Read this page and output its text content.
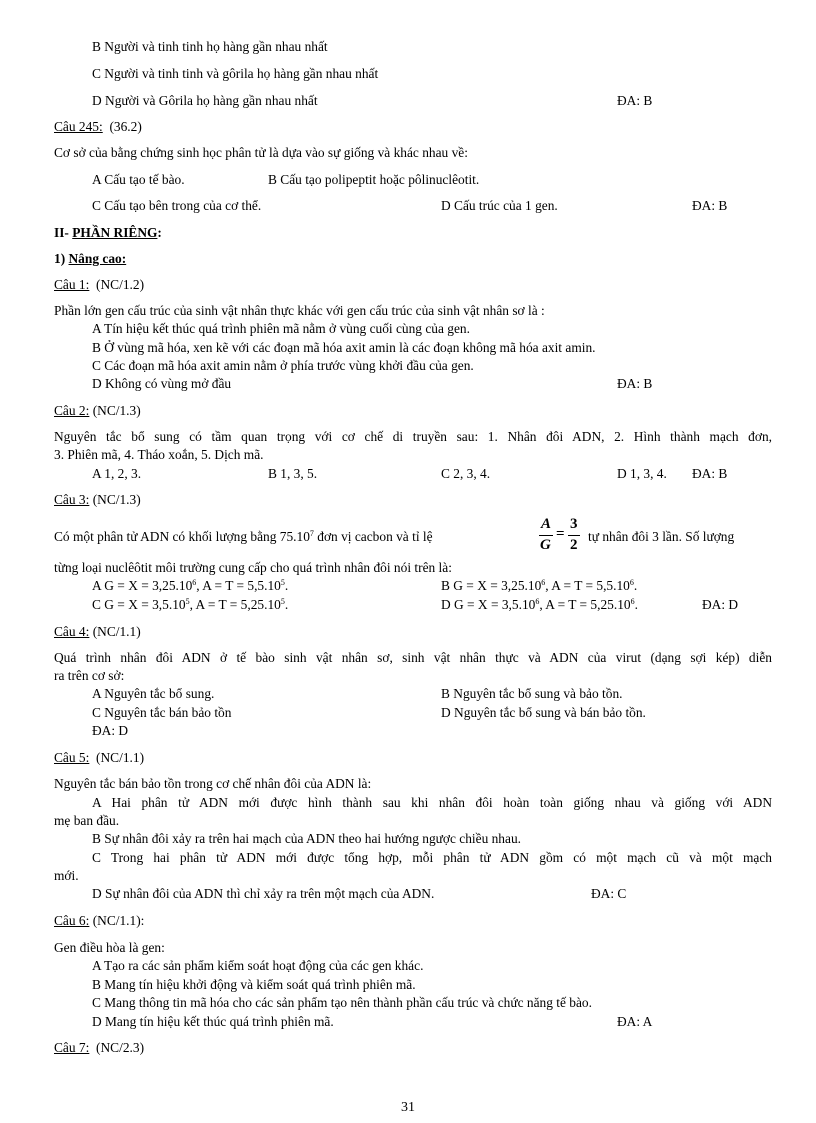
B Người và tinh tinh họ hàng gần nhau nhất
C Người và tinh tinh và gôrila họ hàng gần nhau nhất
D Người và Gôrila họ hàng gần nhau nhất	ĐA: B
Câu 245: (36.2)
Cơ sở của bằng chứng sinh học phân tử là dựa vào sự giống và khác nhau về:
A Cấu tạo tế bào.	B Cấu tạo polipeptit hoặc pôlinuclêotit.
C Cấu tạo bên trong của cơ thể.	D Cấu trúc của 1 gen.	ĐA: B
II- PHẦN RIÊNG:
1) Nâng cao:
Câu 1: (NC/1.2)
Phần lớn gen cấu trúc của sinh vật nhân thực khác với gen cấu trúc của sinh vật nhân sơ là :
A Tín hiệu kết thúc quá trình phiên mã nằm ở vùng cuối cùng của gen.
B Ở vùng mã hóa, xen kẽ với các đoạn mã hóa axit amin là các đoạn không mã hóa axit amin.
C Các đoạn mã hóa axit amin nằm ở phía trước vùng khởi đầu của gen.
D Không có vùng mở đầu	ĐA: B
Câu 2: (NC/1.3)
Nguyên tắc bổ sung có tầm quan trọng với cơ chế di truyền sau: 1. Nhân đôi ADN, 2. Hình thành mạch đơn,
3. Phiên mã, 4. Tháo xoắn, 5. Dịch mã.
A 1, 2, 3.	B 1, 3, 5.	C 2, 3, 4.	D 1, 3, 4. ĐA: B
Câu 3: (NC/1.3)
Có một phân tử ADN có khối lượng bằng 75.10$^7$ đơn vị cacbon và tỉ lệ
A
G
=
3
2
tự nhân đôi 3 lần. Số lượng
từng loại nuclêôtit môi trường cung cấp cho quá trình nhân đôi nói trên là:
A $G = X = 3,25.10^6$, $A = T = 5,5.10^5$.	B $G = X = 3,25.10^6$, $A = T = 5,5.10^6$.
C $G = X = 3,5.10^5$, $A = T = 5,25.10^5$.	D $G = X = 3,5.10^6$, $A = T = 5,25.10^6$.	ĐA: D
Câu 4: (NC/1.1)
Quá trình nhân đôi ADN ở tế bào sinh vật nhân sơ, sinh vật nhân thực và ADN của virut (dạng sợi kép) diễn
ra trên cơ sở:
A Nguyên tắc bổ sung.	B Nguyên tắc bổ sung và bảo tồn.
C Nguyên tắc bán bảo tồn	D Nguyên tắc bổ sung và bán bảo tồn.
ĐA: D
Câu 5: (NC/1.1)
Nguyên tắc bán bảo tồn trong cơ chế nhân đôi của ADN là:
A Hai phân tử ADN mới được hình thành sau khi nhân đôi hoàn toàn giống nhau và giống với ADN
mẹ ban đầu.
B Sự nhân đôi xảy ra trên hai mạch của ADN theo hai hướng ngược chiều nhau.
C Trong hai phân tử ADN mới được tổng hợp, mỗi phân tử ADN gồm có một mạch cũ và một mạch
mới.
D Sự nhân đôi của ADN thì chỉ xảy ra trên một mạch của ADN.	ĐA: C
Câu 6: (NC/1.1):
Gen điều hòa là gen:
A Tạo ra các sản phẩm kiểm soát hoạt động của các gen khác.
B Mang tín hiệu khởi động và kiểm soát quá trình phiên mã.
C Mang thông tin mã hóa cho các sản phẩm tạo nên thành phần cấu trúc và chức năng tế bào.
D Mang tín hiệu kết thúc quá trình phiên mã.	ĐA: A
Câu 7: (NC/2.3)
31
